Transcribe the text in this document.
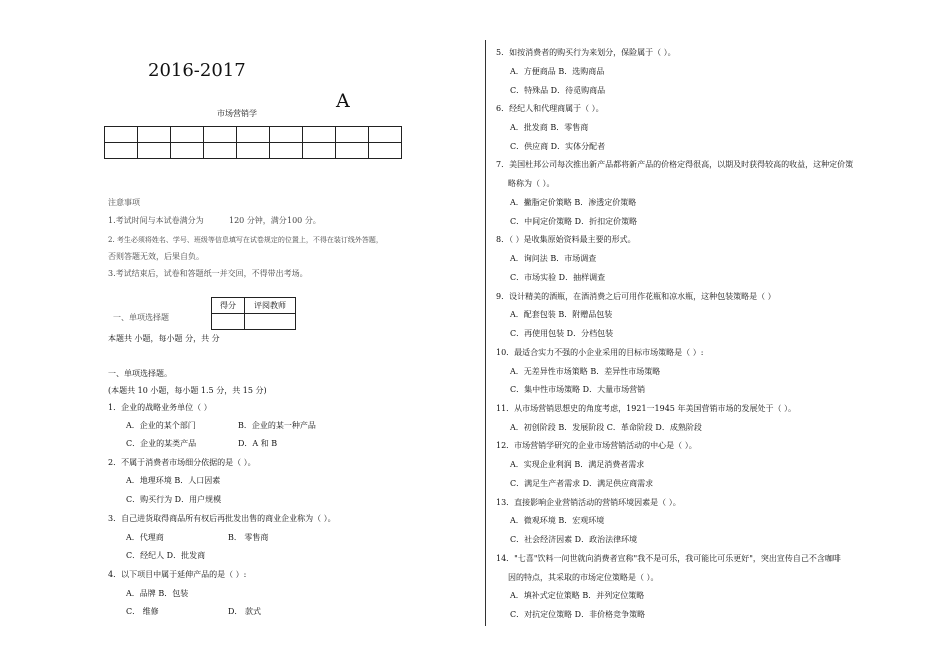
2016-2017
A
市场营销学

注意事项
1.考试时间与本试卷满分为	120 分钟，满分 100 分。
2. 考生必须将姓名、学号、班级等信息填写在试卷规定的位置上，不得在装订线外答题，
否则答题无效，后果自负。
3.考试结束后，试卷和答题纸一并交回，不得带出考场。
得分	评阅教师

一、单项选择题
本题共 小题，每小题 分，共 分
一、单项选择题。
(本题共 10 小题，每小题 1.5 分，共 15 分)
1．企业的战略业务单位（ ）
A．企业的某个部门	B．企业的某一种产品
C．企业的某类产品	D．A 和 B
2．不属于消费者市场细分依据的是（ ）。
A．地理环境 B．人口因素
C．购买行为 D．用户规模
3．自己进货取得商品所有权后再批发出售的商业企业称为（ ）。
A．代理商	B． 零售商
C．经纪人 D．批发商
4．以下项目中属于延伸产品的是（ ）:
A．品牌 B．包装
C． 维修	D． 款式
5．如按消费者的购买行为来划分，保险属于（ ）。
A．方便商品 B．选购商品
C．特殊品 D．待觅购商品
6．经纪人和代理商属于（ ）。
A．批发商 B．零售商
C．供应商 D．实体分配者
7．美国杜邦公司每次推出新产品都将新产品的价格定得很高，以期及时获得较高的收益，这种定价策
略称为（ ）。
A．撇脂定价策略 B．渗透定价策略
C．中间定价策略 D．折扣定价策略
8．（ ）是收集原始资料最主要的形式。
A．询问法 B．市场调查
C．市场实验 D．抽样调查
9．设计精美的酒瓶，在酒消费之后可用作花瓶和凉水瓶，这种包装策略是（ ）
A．配套包装 B．附赠品包装
C．再使用包装 D．分档包装
10．最适合实力不强的小企业采用的目标市场策略是（ ）:
A．无差异性市场策略 B．差异性市场策略
C．集中性市场策略 D．大量市场营销
11．从市场营销思想史的角度考虑，1921一1945 年美国营销市场的发展处于（ ）。
A．初创阶段 B．发展阶段 C．革命阶段 D．成熟阶段
12．市场营销学研究的企业市场营销活动的中心是（ ）。
A．实现企业利润 B．满足消费者需求
C．满足生产者需求 D．满足供应商需求
13．直接影响企业营销活动的营销环境因素是（ ）。
A．微观环境 B．宏观环境
C．社会经济因素 D．政治法律环境
14．"七喜"饮料一问世就向消费者宣称"我不是可乐，我可能比可乐更好"，突出宣传自己不含咖啡
因的特点，其采取的市场定位策略是（ ）。
A．填补式定位策略 B．并列定位策略
C．对抗定位策略 D．非价格竞争策略
